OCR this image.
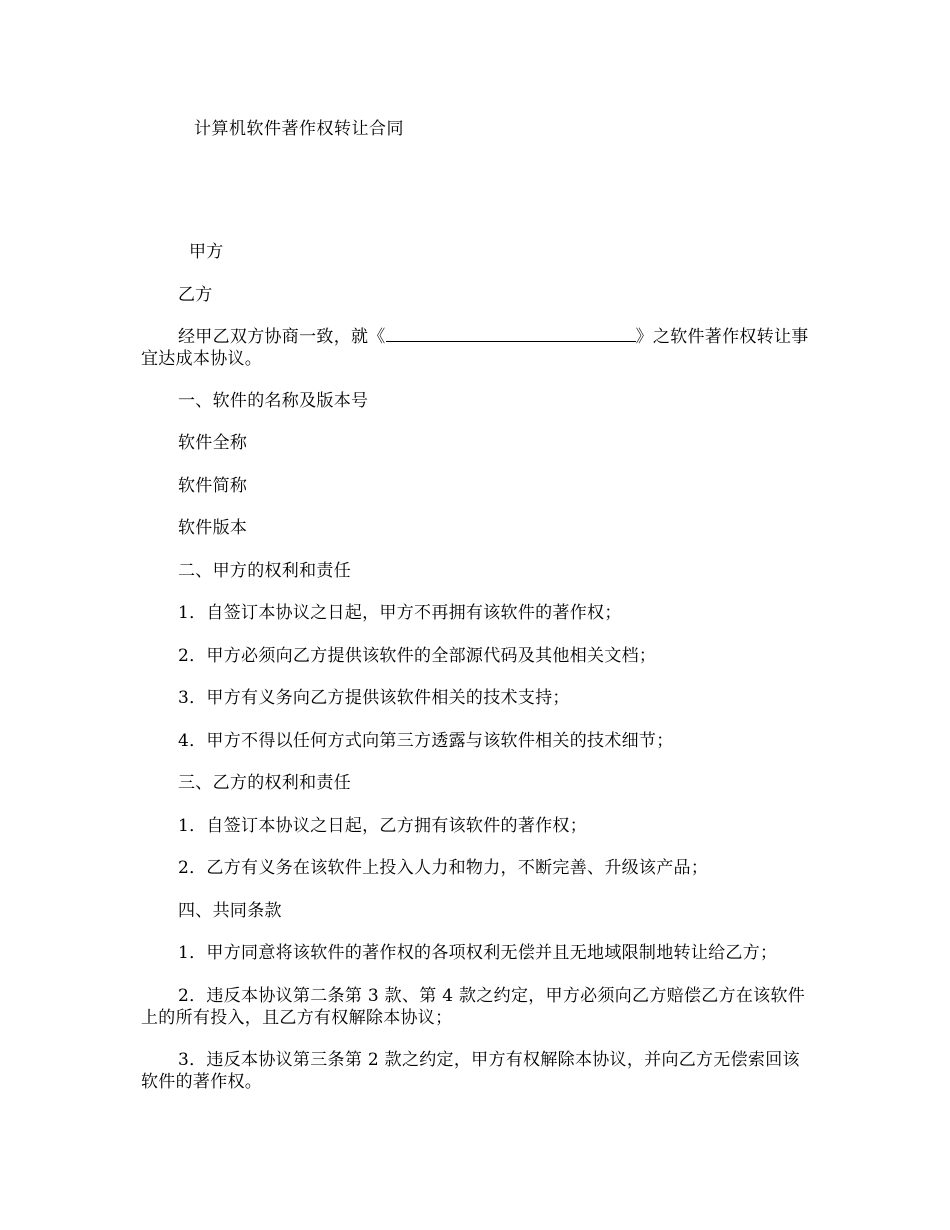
计算机软件著作权转让合同
甲方
乙方
经甲乙双方协商一致，就《	》之软件著作权转让事宜达成本协议。
一、软件的名称及版本号
软件全称
软件简称
软件版本
二、甲方的权利和责任
1．自签订本协议之日起，甲方不再拥有该软件的著作权；
2．甲方必须向乙方提供该软件的全部源代码及其他相关文档；
3．甲方有义务向乙方提供该软件相关的技术支持；
4．甲方不得以任何方式向第三方透露与该软件相关的技术细节；
三、乙方的权利和责任
1．自签订本协议之日起，乙方拥有该软件的著作权；
2．乙方有义务在该软件上投入人力和物力，不断完善、升级该产品；
四、共同条款
1．甲方同意将该软件的著作权的各项权利无偿并且无地域限制地转让给乙方；
2．违反本协议第二条第 3 款、第 4 款之约定，甲方必须向乙方赔偿乙方在该软件上的所有投入，且乙方有权解除本协议；
3．违反本协议第三条第 2 款之约定，甲方有权解除本协议，并向乙方无偿索回该软件的著作权。
